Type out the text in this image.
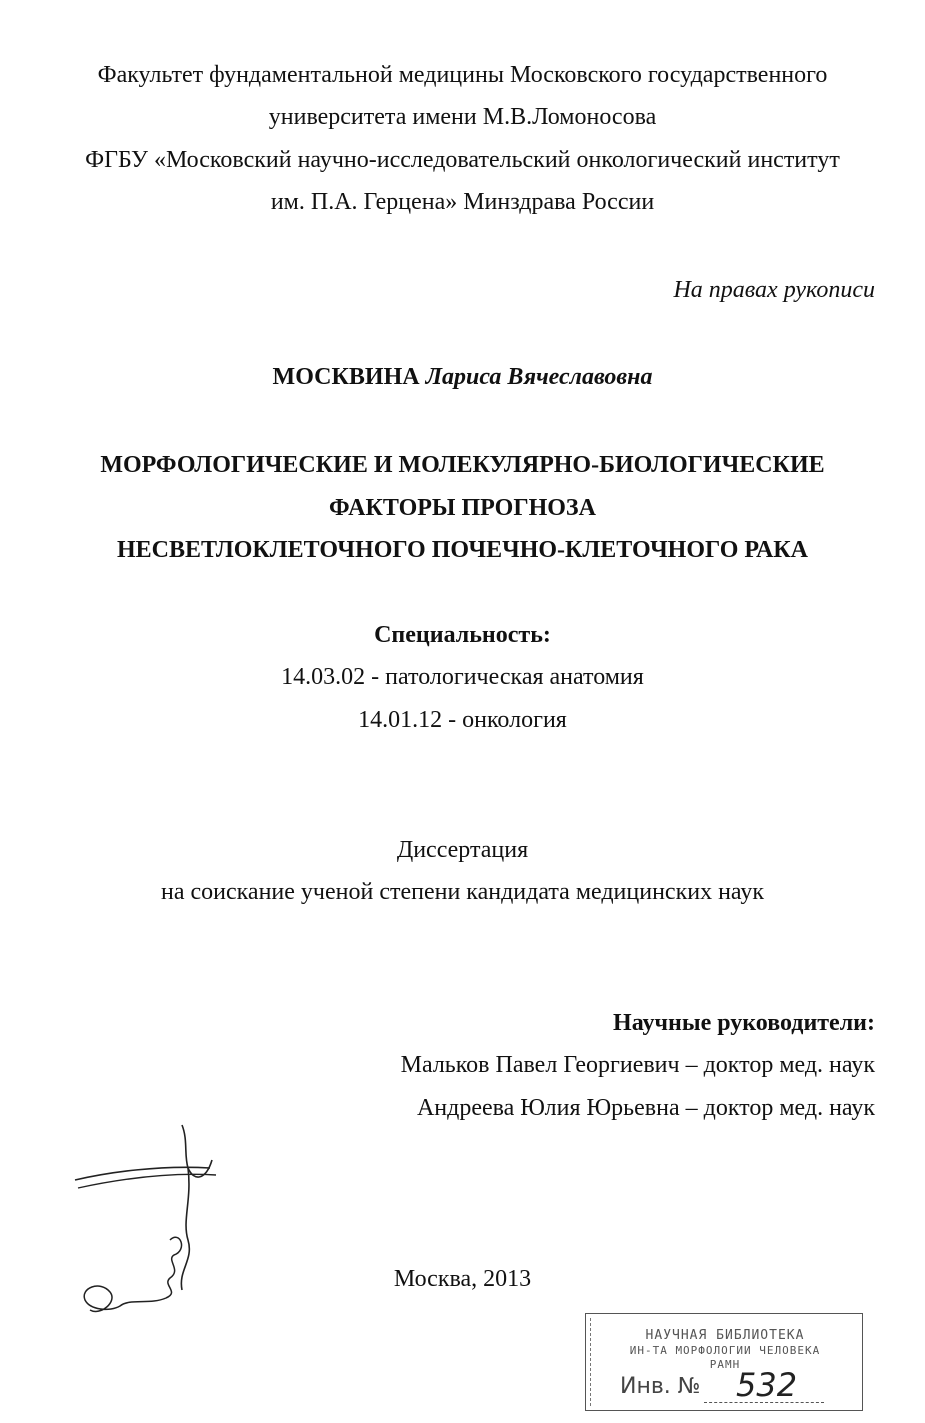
Факультет фундаментальной медицины Московского государственного
университета имени М.В.Ломоносова
ФГБУ «Московский научно-исследовательский онкологический институт
им. П.А. Герцена» Минздрава России
На правах рукописи
МОСКВИНА Лариса Вячеславовна
МОРФОЛОГИЧЕСКИЕ И МОЛЕКУЛЯРНО-БИОЛОГИЧЕСКИЕ
ФАКТОРЫ ПРОГНОЗА
НЕСВЕТЛОКЛЕТОЧНОГО ПОЧЕЧНО-КЛЕТОЧНОГО РАКА
Специальность:
14.03.02 - патологическая анатомия
14.01.12 - онкология
Диссертация
на соискание ученой степени кандидата медицинских наук
Научные руководители:
Мальков Павел Георгиевич – доктор мед. наук
Андреева Юлия Юрьевна – доктор мед. наук
Москва, 2013
НАУЧНАЯ БИБЛИОТЕКА
ИН-ТА МОРФОЛОГИИ ЧЕЛОВЕКА
РАМН
Инв. № 532
